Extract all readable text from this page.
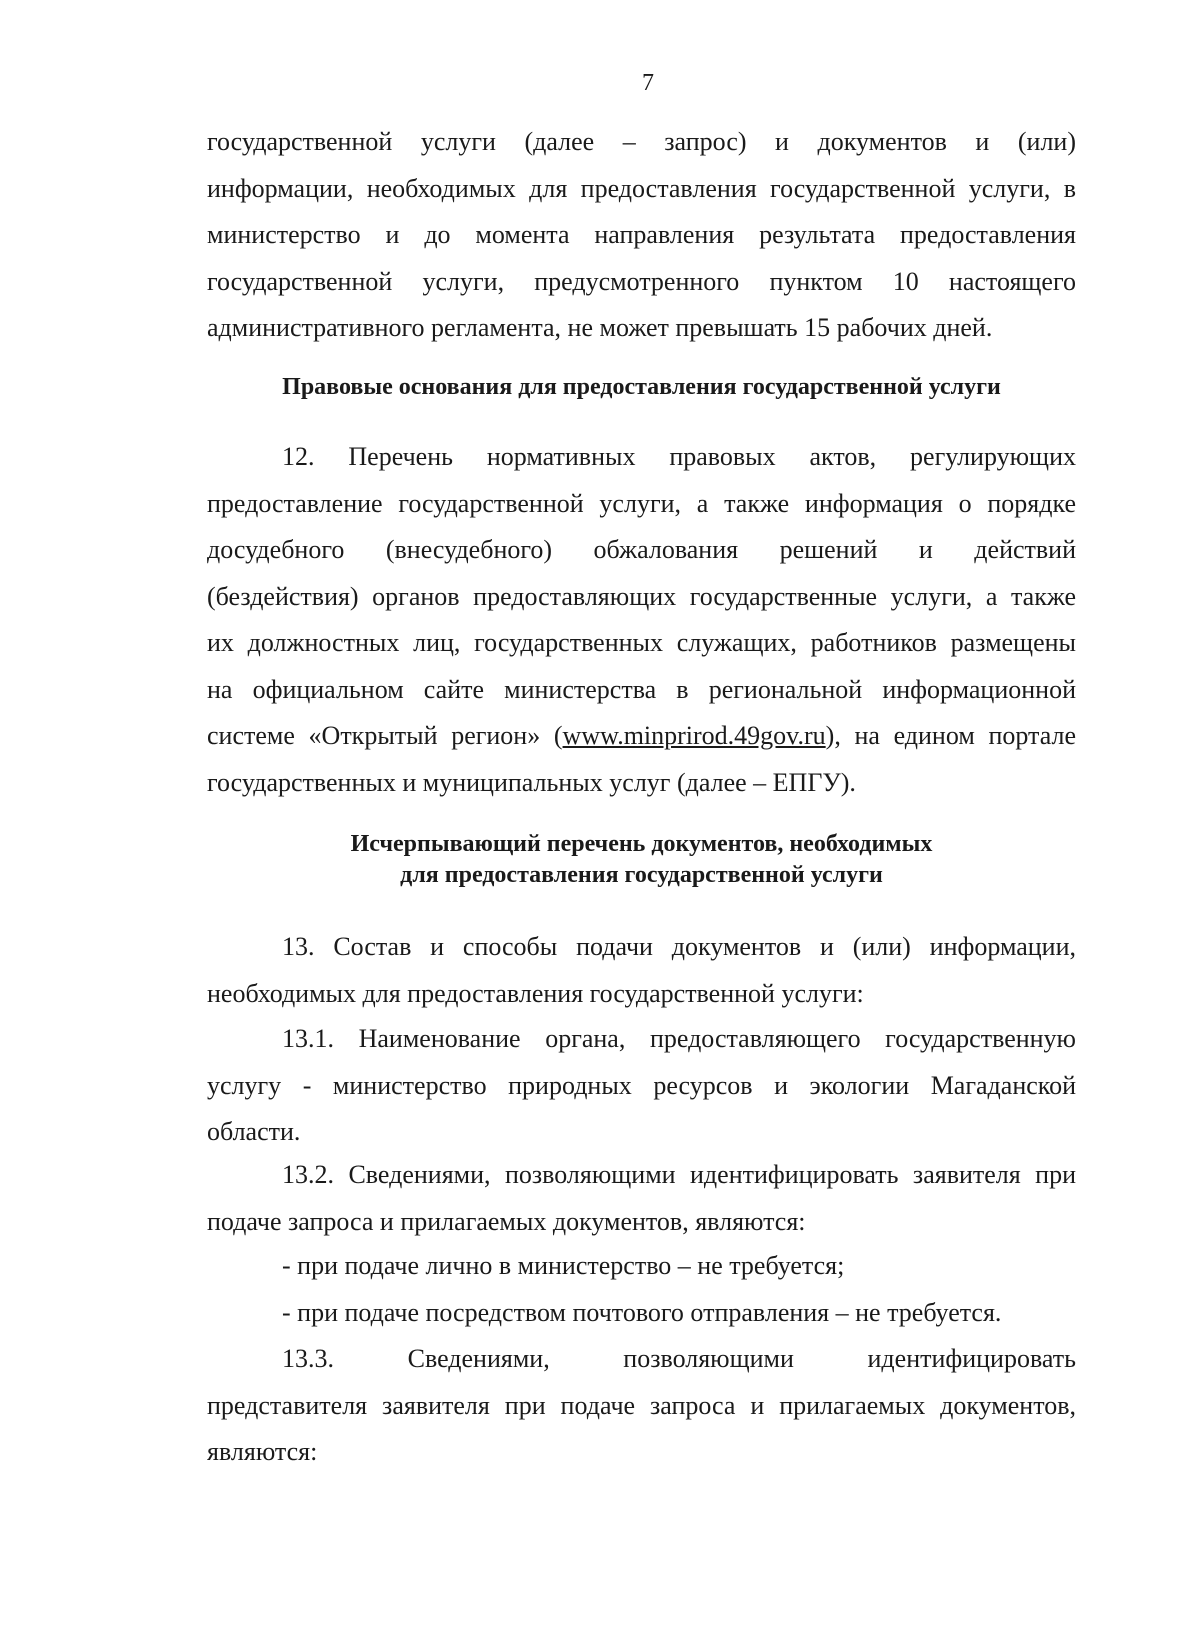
7
государственной услуги (далее – запрос) и документов и (или)
информации, необходимых для предоставления государственной услуги, в
министерство и до момента направления результата предоставления
государственной услуги, предусмотренного пунктом 10 настоящего
административного регламента, не может превышать 15 рабочих дней.
Правовые основания для предоставления государственной услуги
12. Перечень нормативных правовых актов, регулирующих
предоставление государственной услуги, а также информация о порядке
досудебного (внесудебного) обжалования решений и действий
(бездействия) органов предоставляющих государственные услуги, а также
их должностных лиц, государственных служащих, работников размещены
на официальном сайте министерства в региональной информационной
системе «Открытый регион» (www.minprirod.49gov.ru), на едином портале
государственных и муниципальных услуг (далее – ЕПГУ).
Исчерпывающий перечень документов, необходимых
для предоставления государственной услуги
13. Состав и способы подачи документов и (или) информации,
необходимых для предоставления государственной услуги:
13.1. Наименование органа, предоставляющего государственную
услугу - министерство природных ресурсов и экологии Магаданской
области.
13.2. Сведениями, позволяющими идентифицировать заявителя при
подаче запроса и прилагаемых документов, являются:
- при подаче лично в министерство – не требуется;
- при подаче посредством почтового отправления – не требуется.
13.3. Сведениями, позволяющими идентифицировать
представителя заявителя при подаче запроса и прилагаемых документов,
являются:
